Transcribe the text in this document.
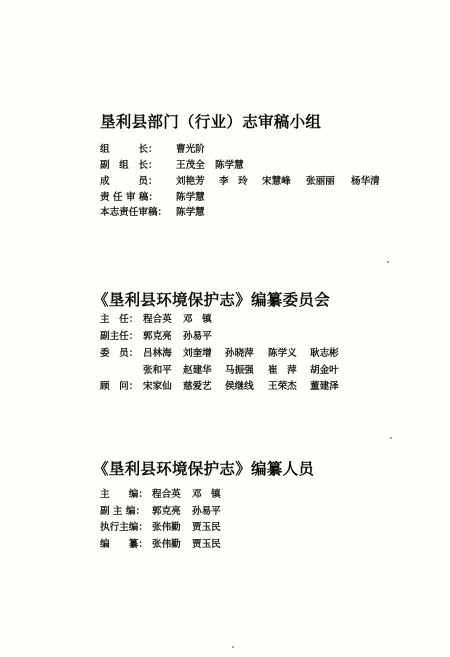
垦利县部门（行业）志审稿小组
组　　　长：	曹光阶
副　组　长：	王茂全	陈学慧
成　　　员：	刘艳芳	李　玲	宋慧峰	张丽丽	杨华清
责 任 审 稿：	陈学慧
本志责任审稿： 陈学慧
《垦利县环境保护志》编纂委员会
主　任： 程合英	邓　镇
副主任： 郭克亮	孙易平
委　员： 吕林海	刘奎增	孙晓萍	陈学义	耿志彬
张和平	赵建华	马振强	崔　萍	胡金叶
顾　问： 宋家仙	慈爱艺	侯继线	王荣杰	董建泽
《垦利县环境保护志》编纂人员
主　　编： 程合英	邓　镇
副 主 编： 郭克亮	孙易平
执行主编： 张伟勤	贾玉民
编　　纂： 张伟勤	贾玉民
